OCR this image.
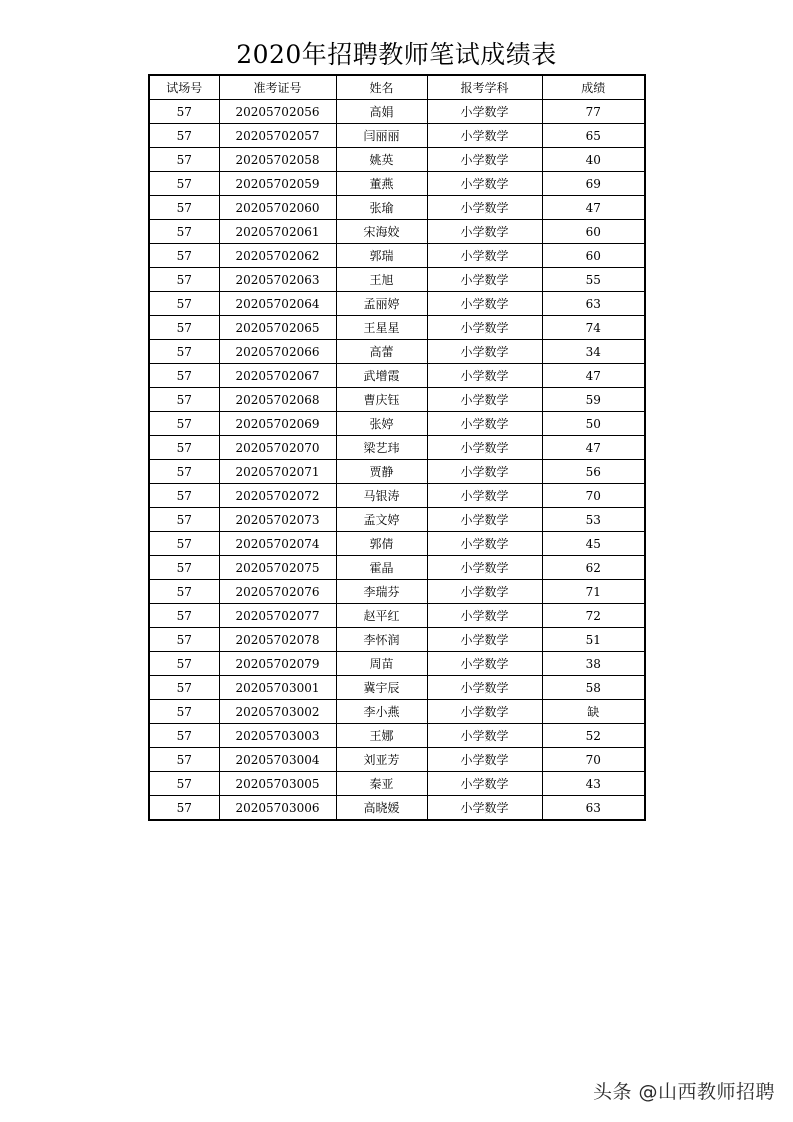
2020年招聘教师笔试成绩表
试场号	准考证号	姓名	报考学科	成绩
57	20205702056	高娟	小学数学	77
57	20205702057	闫丽丽	小学数学	65
57	20205702058	姚英	小学数学	40
57	20205702059	董燕	小学数学	69
57	20205702060	张瑜	小学数学	47
57	20205702061	宋海姣	小学数学	60
57	20205702062	郭瑞	小学数学	60
57	20205702063	王旭	小学数学	55
57	20205702064	孟丽婷	小学数学	63
57	20205702065	王星星	小学数学	74
57	20205702066	高蕾	小学数学	34
57	20205702067	武增霞	小学数学	47
57	20205702068	曹庆钰	小学数学	59
57	20205702069	张婷	小学数学	50
57	20205702070	梁艺玮	小学数学	47
57	20205702071	贾静	小学数学	56
57	20205702072	马银涛	小学数学	70
57	20205702073	孟文婷	小学数学	53
57	20205702074	郭倩	小学数学	45
57	20205702075	霍晶	小学数学	62
57	20205702076	李瑞芬	小学数学	71
57	20205702077	赵平红	小学数学	72
57	20205702078	李怀润	小学数学	51
57	20205702079	周苗	小学数学	38
57	20205703001	冀宇辰	小学数学	58
57	20205703002	李小燕	小学数学	缺
57	20205703003	王娜	小学数学	52
57	20205703004	刘亚芳	小学数学	70
57	20205703005	秦亚	小学数学	43
57	20205703006	高晓媛	小学数学	63
头条 @山西教师招聘
